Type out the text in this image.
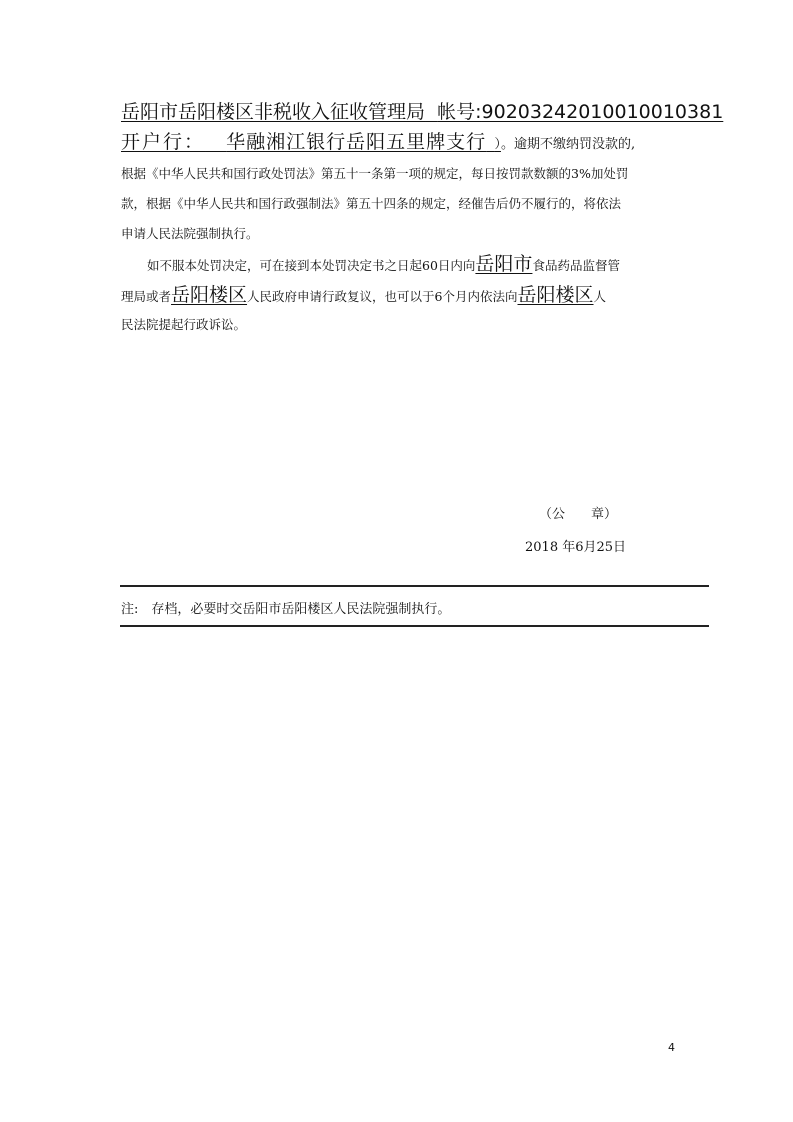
岳阳市岳阳楼区非税收入征收管理局 帐号:90203242010010010381
开户行： 华融湘江银行岳阳五里牌支行 ）。逾期不缴纳罚没款的,
根据《中华人民共和国行政处罚法》第五十一条第一项的规定，每日按罚款数额的3%加处罚
款，根据《中华人民共和国行政强制法》第五十四条的规定，经催告后仍不履行的，将依法
申请人民法院强制执行。
如不服本处罚决定，可在接到本处罚决定书之日起60日内向岳阳市食品药品监督管
理局或者岳阳楼区人民政府申请行政复议，也可以于6个月内依法向岳阳楼区人
民法院提起行政诉讼。
（公　　章）
2018 年6月25日
注:　存档，必要时交岳阳市岳阳楼区人民法院强制执行。
4
